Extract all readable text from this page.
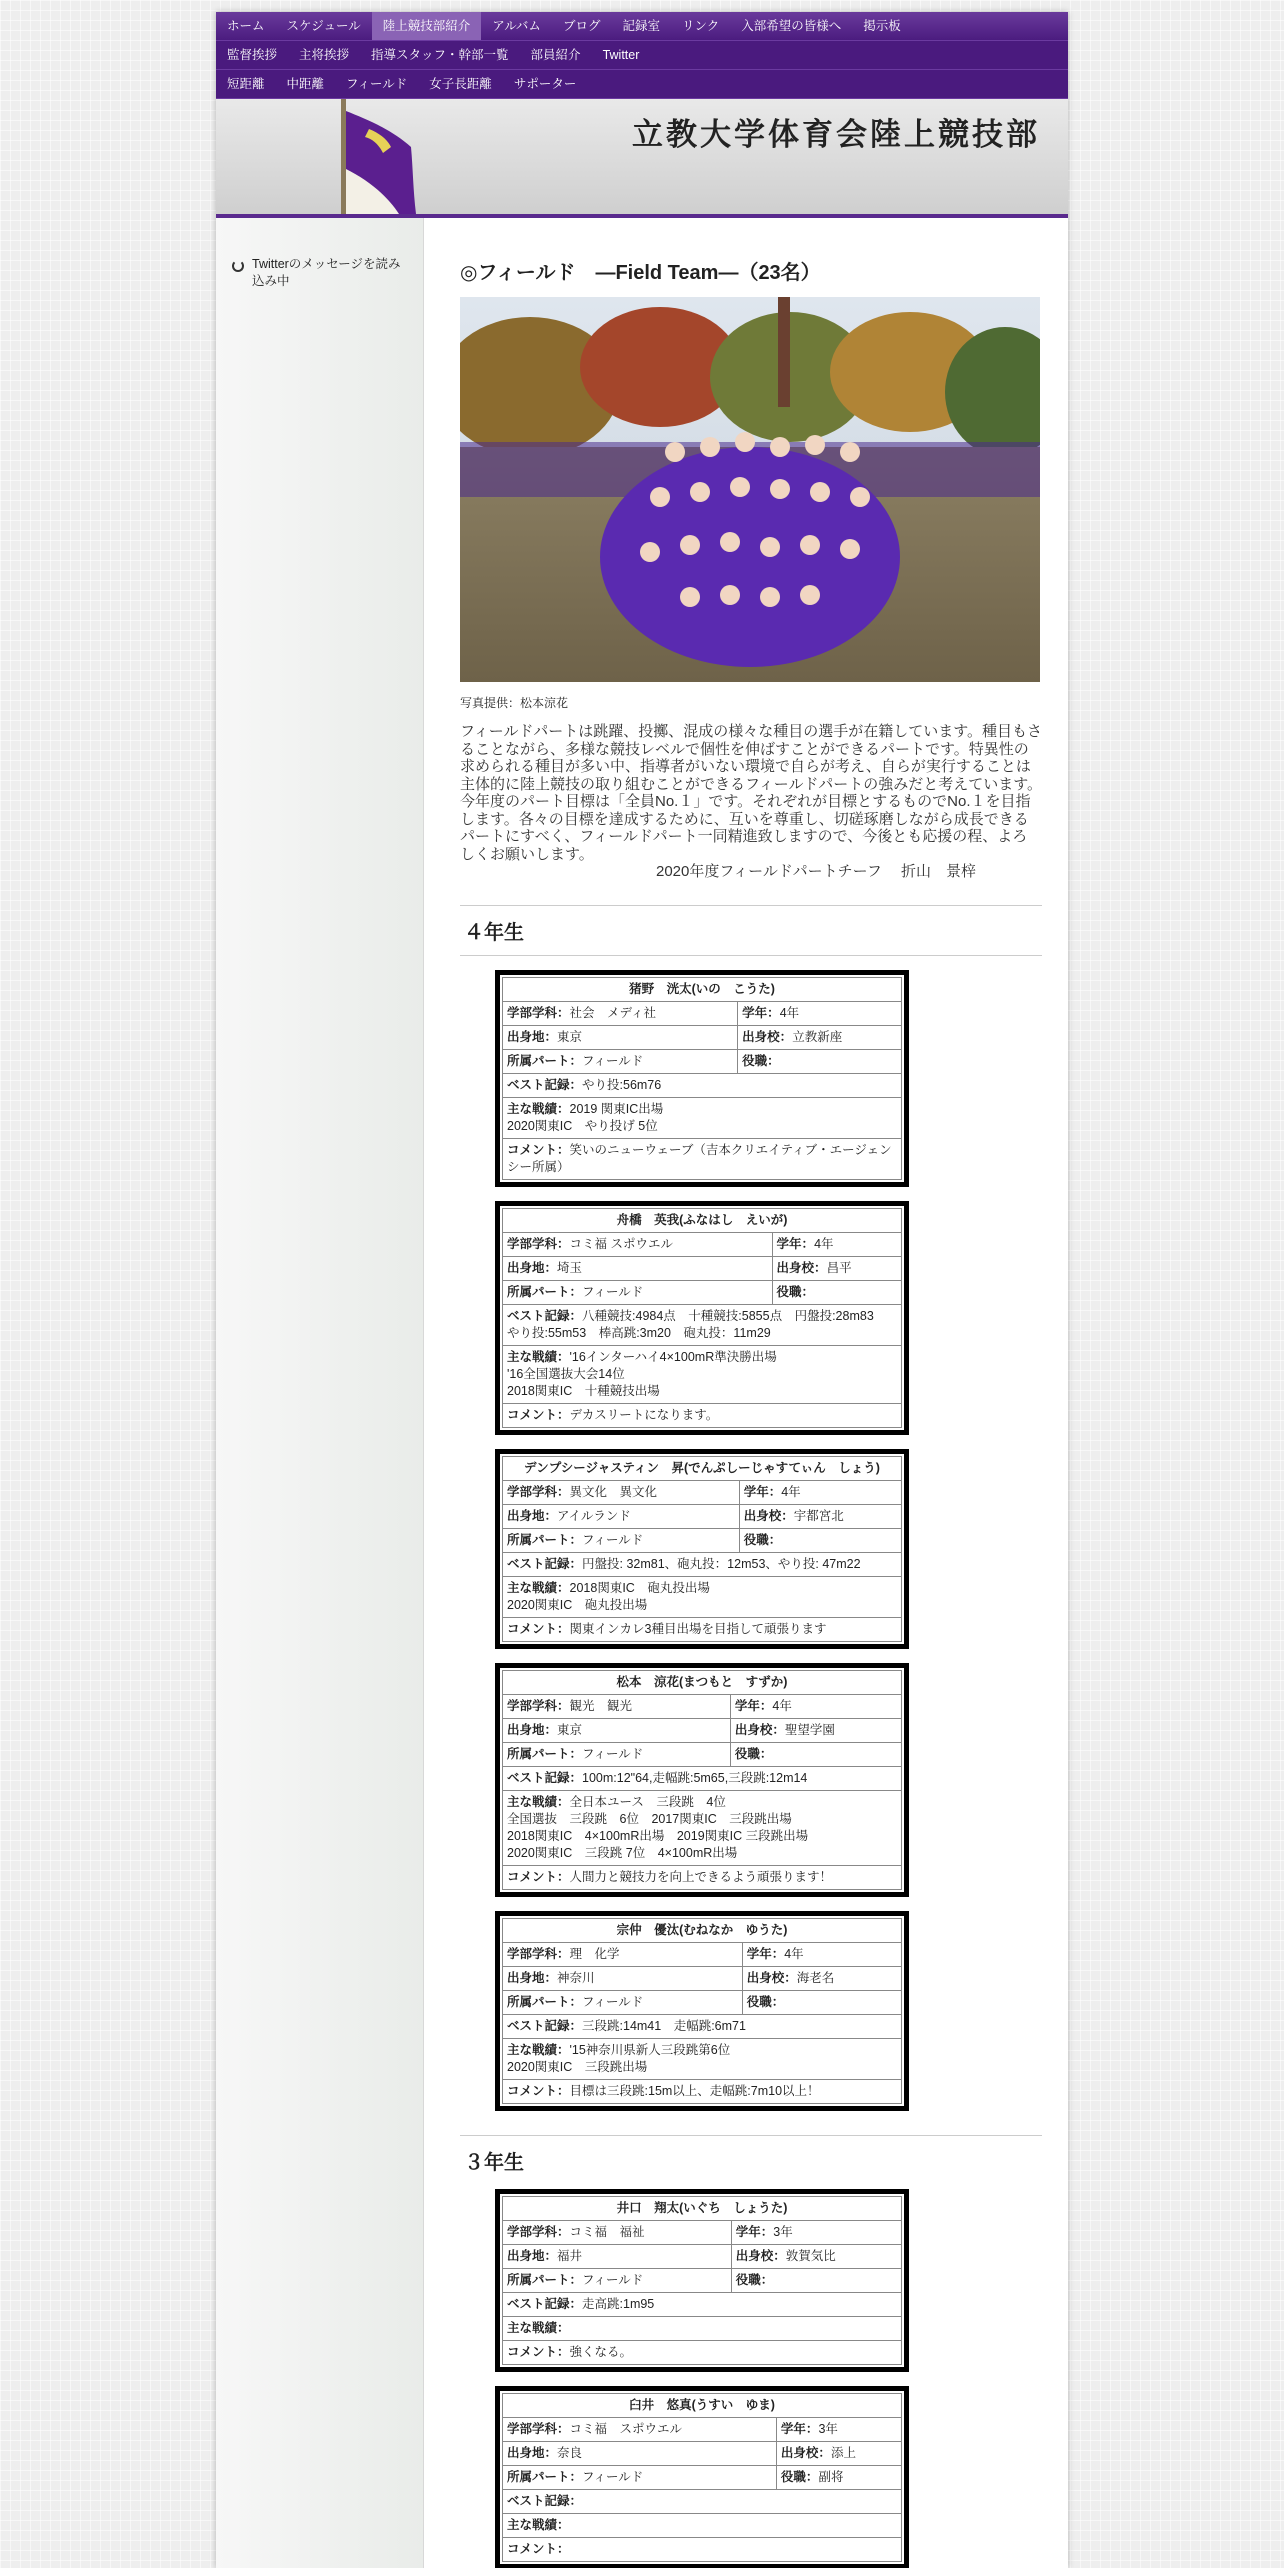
ホーム	スケジュール	陸上競技部紹介	アルバム	ブログ	記録室	リンク	入部希望の皆様へ	掲示板
監督挨拶	主将挨拶	指導スタッフ・幹部一覧	部員紹介	Twitter
短距離	中距離	フィールド	女子長距離	サポーター
立教大学体育会陸上競技部
Twitterのメッセージを読み込み中	◎フィールド　—Field Team—（23名）
写真提供：松本涼花

フィールドパートは跳躍、投擲、混成の様々な種目の選手が在籍しています。種目もさることながら、多様な競技レベルで個性を伸ばすことができるパートです。特異性の求められる種目が多い中、指導者がいない環境で自らが考え、自らが実行することは主体的に陸上競技の取り組むことができるフィールドパートの強みだと考えています。

今年度のパート目標は「全員No.１」です。それぞれが目標とするものでNo.１を目指します。各々の目標を達成するために、互いを尊重し、切磋琢磨しながら成長できるパートにすべく、フィールドパート一同精進致しますので、今後とも応援の程、よろしくお願いします。

2020年度フィールドパートチーフ　 折山　景梓

４年生
猪野　洸太(いの　こうた)	
学部学科：社会　メディ社	学年：4年
出身地：東京	出身校：立教新座
所属パート：フィールド	役職：
ベスト記録：やり投:56m76	
主な戦績：2019 関東IC出場
2020関東IC　やり投げ 5位	
コメント：笑いのニューウェーブ（吉本クリエイティブ・エージェンシー所属）	
舟橋　英我(ふなはし　えいが)	
学部学科：コミ福 スポウエル	学年：4年
出身地：埼玉	出身校：昌平
所属パート：フィールド	役職：
ベスト記録：八種競技:4984点　十種競技:5855点　円盤投:28m83
やり投:55m53　棒高跳:3m20　砲丸投：11m29	
主な戦績：'16インターハイ4×100mR準決勝出場
'16全国選抜大会14位
2018関東IC　十種競技出場	
コメント：デカスリートになります。	
デンプシージャスティン　昇(でんぷしーじゃすてぃん　しょう)	
学部学科：異文化　異文化	学年：4年
出身地：アイルランド	出身校：宇都宮北
所属パート：フィールド	役職：
ベスト記録：円盤投: 32m81、砲丸投：12m53、やり投: 47m22	
主な戦績：2018関東IC　砲丸投出場
2020関東IC　砲丸投出場	
コメント：関東インカレ3種目出場を目指して頑張ります	
松本　涼花(まつもと　すずか)	
学部学科：観光　観光	学年：4年
出身地：東京	出身校：聖望学園
所属パート：フィールド	役職：
ベスト記録：100m:12"64,走幅跳:5m65,三段跳:12m14	
主な戦績：全日本ユース　三段跳　4位
全国選抜　三段跳　6位　2017関東IC　三段跳出場
2018関東IC　4×100mR出場　2019関東IC 三段跳出場
2020関東IC　三段跳 7位　4×100mR出場	
コメント：人間力と競技力を向上できるよう頑張ります！	
宗仲　優汰(むねなか　ゆうた)	
学部学科：理　化学	学年：4年
出身地：神奈川	出身校：海老名
所属パート：フィールド	役職：
ベスト記録：三段跳:14m41　走幅跳:6m71	
主な戦績：'15神奈川県新人三段跳第6位
2020関東IC　三段跳出場	
コメント：目標は三段跳:15m以上、走幅跳:7m10以上！	
３年生
井口　翔太(いぐち　しょうた)	
学部学科：コミ福　福祉	学年：3年
出身地：福井	出身校：敦賀気比
所属パート：フィールド	役職：
ベスト記録：走高跳:1m95	
主な戦績：	
コメント：強くなる。	
臼井　悠真(うすい　ゆま)	
学部学科：コミ福　スポウエル	学年：3年
出身地：奈良	出身校：添上
所属パート：フィールド	役職：副将
ベスト記録：	
主な戦績：	
コメント：	
